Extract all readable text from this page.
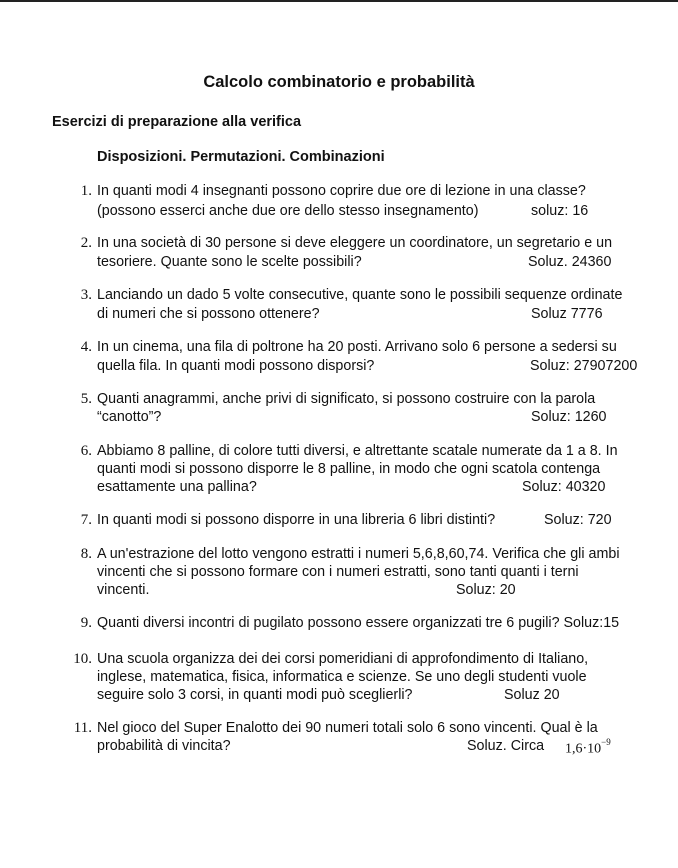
Calcolo combinatorio e probabilità
Esercizi di preparazione alla verifica
Disposizioni. Permutazioni. Combinazioni
1. In quanti modi 4 insegnanti possono coprire due ore di lezione in una classe?
(possono esserci anche due ore dello stesso insegnamento)	soluz: 16
2. In una società di 30 persone si deve eleggere un coordinatore, un segretario e un
tesoriere. Quante sono le scelte possibili?	Soluz. 24360
3. Lanciando un dado 5 volte consecutive, quante sono le possibili sequenze ordinate
di numeri che si possono ottenere?	Soluz 7776
4. In un cinema, una fila di poltrone ha 20 posti. Arrivano solo 6 persone a sedersi su
quella fila. In quanti modi possono disporsi?	Soluz: 27907200
5. Quanti anagrammi, anche privi di significato, si possono costruire con la parola
“canotto”?	Soluz: 1260
6. Abbiamo 8 palline, di colore tutti diversi, e altrettante scatale numerate da 1 a 8. In
quanti modi si possono disporre le 8 palline, in modo che ogni scatola contenga
esattamente una pallina?	Soluz: 40320
7. In quanti modi si possono disporre in una libreria 6 libri distinti?	Soluz: 720
8. A un'estrazione del lotto vengono estratti i numeri 5,6,8,60,74. Verifica che gli ambi
vincenti che si possono formare con i numeri estratti, sono tanti quanti i terni
vincenti.	Soluz: 20
9. Quanti diversi incontri di pugilato possono essere organizzati tre 6 pugili? Soluz:15
10. Una scuola organizza dei dei corsi pomeridiani di approfondimento di Italiano,
inglese, matematica, fisica, informatica e scienze. Se uno degli studenti vuole
seguire solo 3 corsi, in quanti modi può sceglierli?	Soluz 20
11. Nel gioco del Super Enalotto dei 90 numeri totali solo 6 sono vincenti. Qual è la
probabilità di vincita?	Soluz. Circa $1,6\cdot 10^{-9}$
